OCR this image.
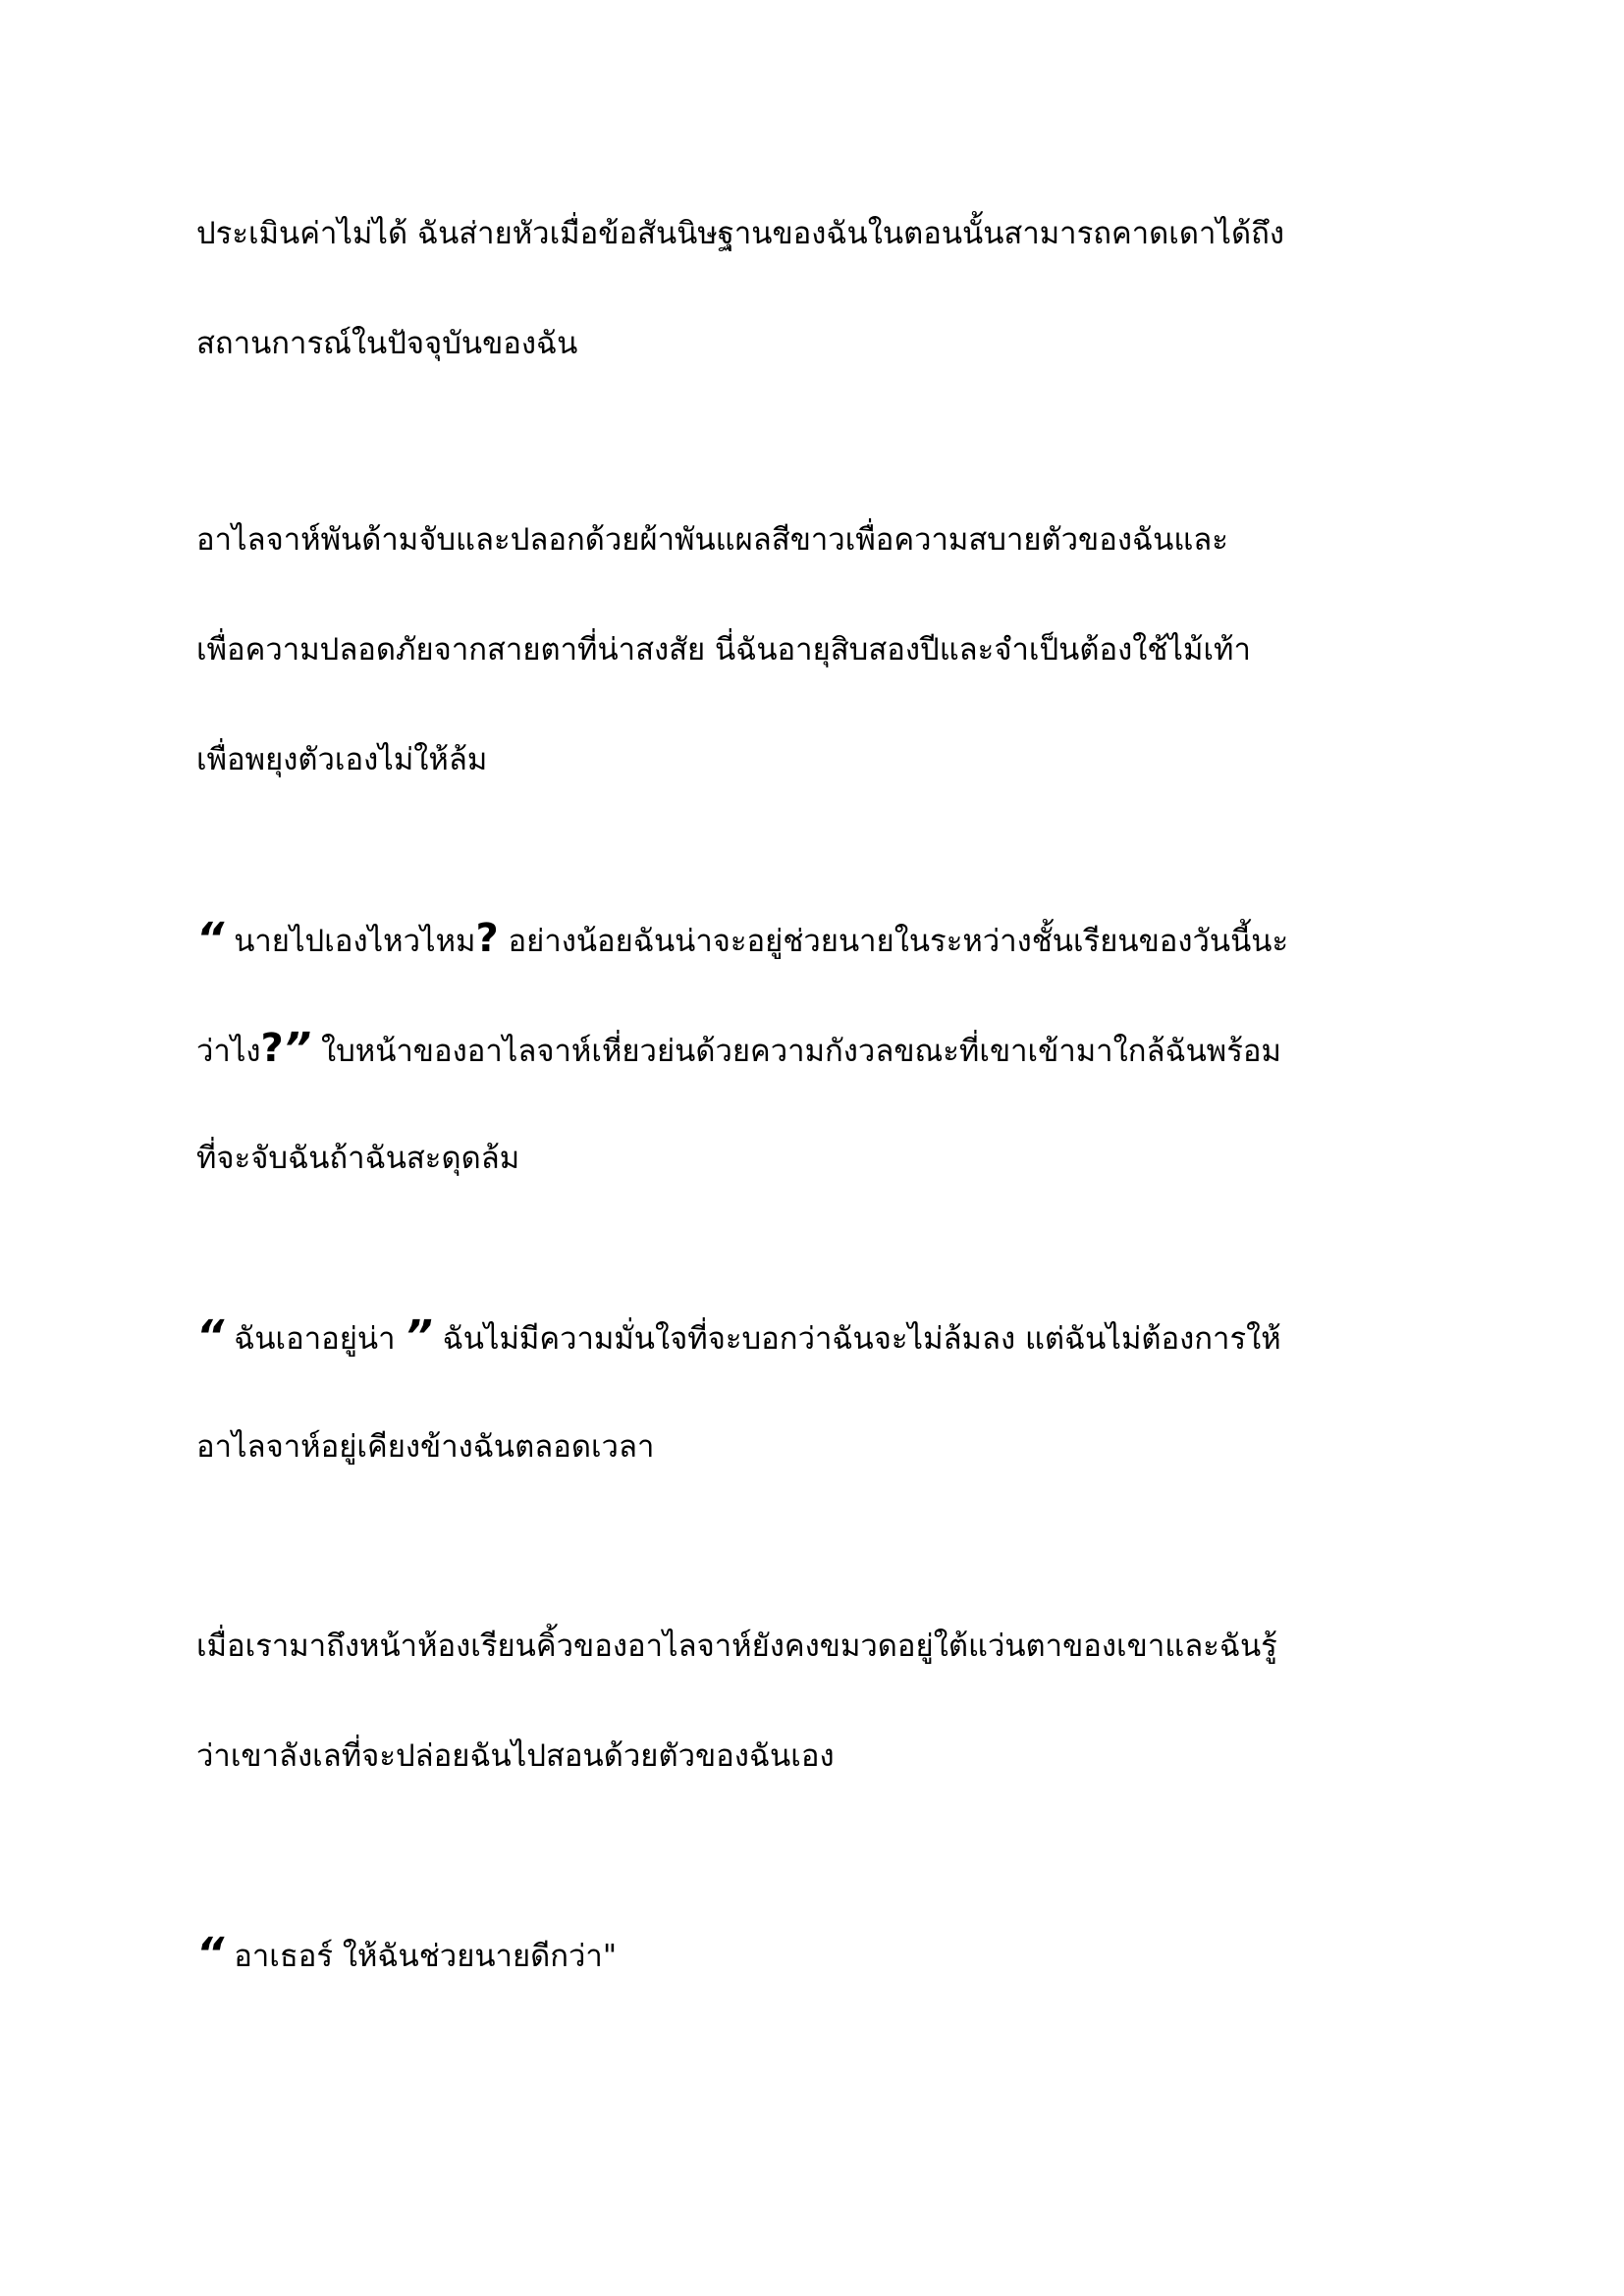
ประเมินค่าไม่ได้ ฉันส่ายหัวเมื่อข้อสันนิษฐานของฉันในตอนนั้นสามารถคาดเดาได้ถึง
สถานการณ์ในปัจจุบันของฉัน
อาไลจาห์พันด้ามจับและปลอกด้วยผ้าพันแผลสีขาวเพื่อความสบายตัวของฉันและ
เพื่อความปลอดภัยจากสายตาที่น่าสงสัย นี่ฉันอายุสิบสองปีและจำเป็นต้องใช้ไม้เท้า
เพื่อพยุงตัวเองไม่ให้ล้ม
“ นายไปเองไหวไหม? อย่างน้อยฉันน่าจะอยู่ช่วยนายในระหว่างชั้นเรียนของวันนี้นะ
ว่าไง?” ใบหน้าของอาไลจาห์เหี่ยวย่นด้วยความกังวลขณะที่เขาเข้ามาใกล้ฉันพร้อม
ที่จะจับฉันถ้าฉันสะดุดล้ม
“ ฉันเอาอยู่น่า ” ฉันไม่มีความมั่นใจที่จะบอกว่าฉันจะไม่ล้มลง แต่ฉันไม่ต้องการให้
อาไลจาห์อยู่เคียงข้างฉันตลอดเวลา
เมื่อเรามาถึงหน้าห้องเรียนคิ้วของอาไลจาห์ยังคงขมวดอยู่ใต้แว่นตาของเขาและฉันรู้
ว่าเขาลังเลที่จะปล่อยฉันไปสอนด้วยตัวของฉันเอง
“ อาเธอร์ ให้ฉันช่วยนายดีกว่า"
